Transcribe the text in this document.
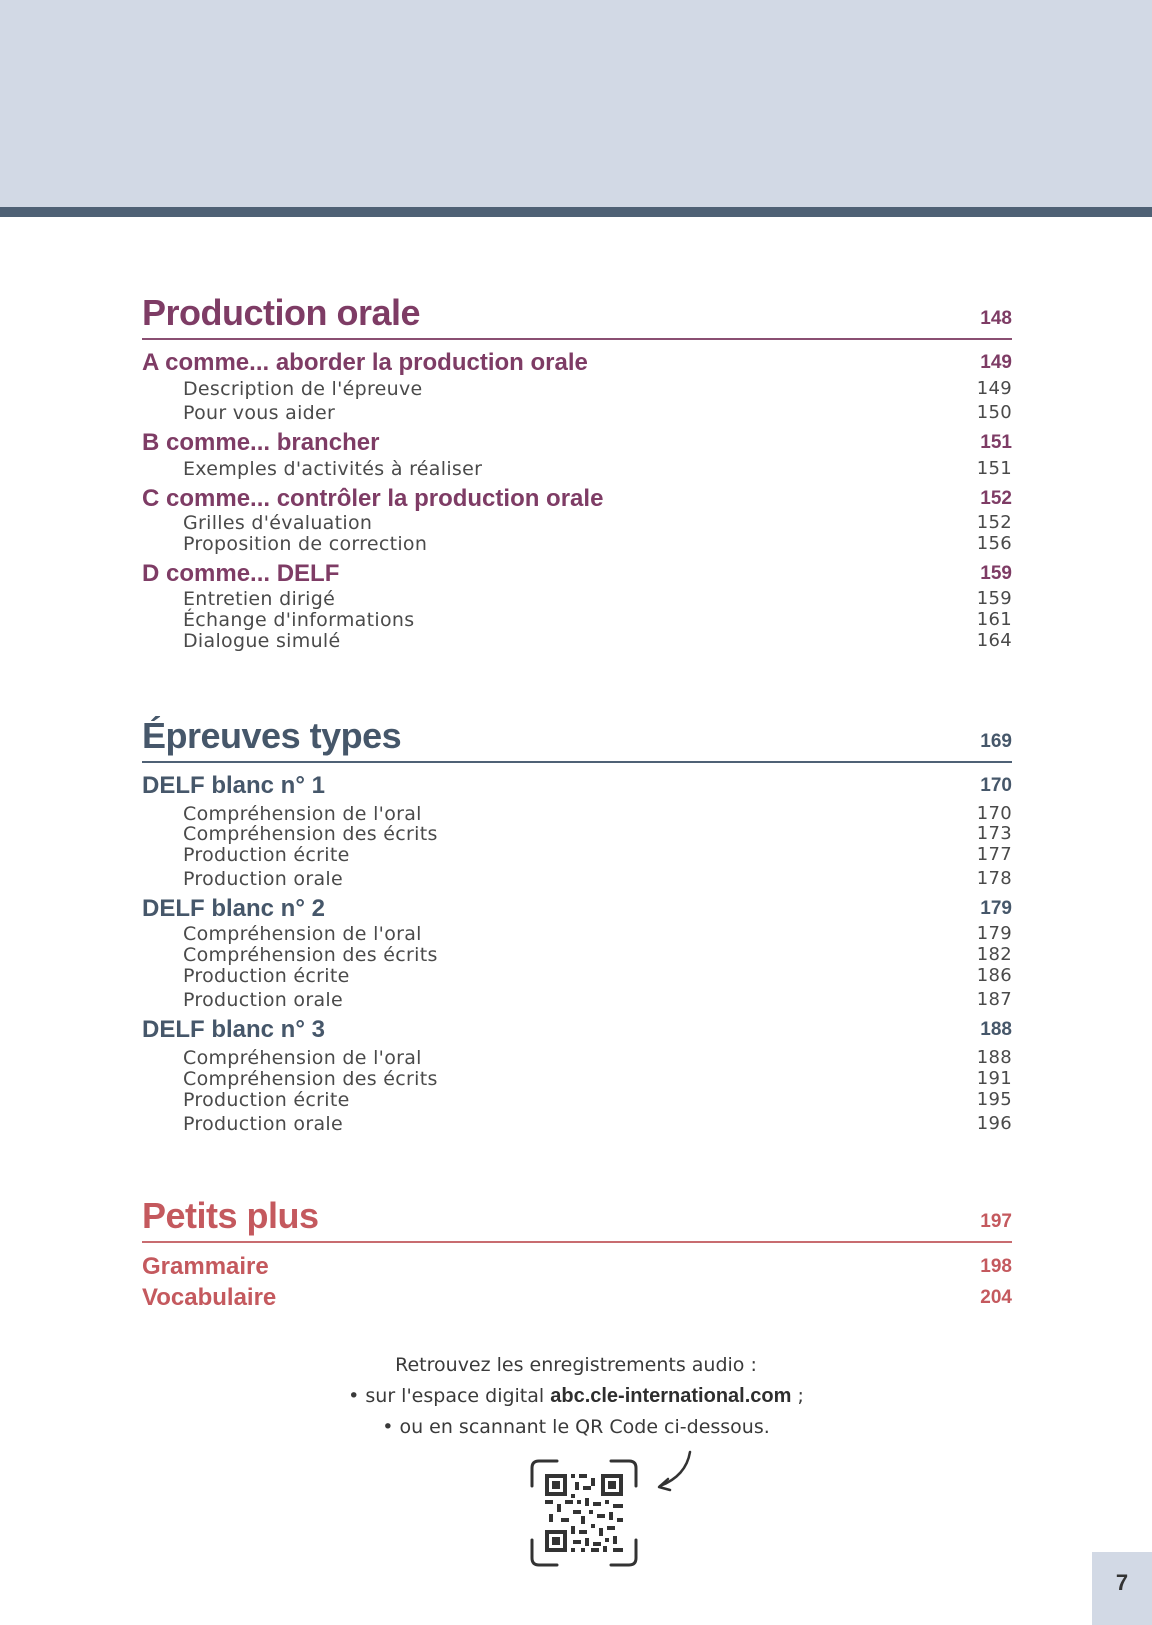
Production orale	148
A comme... aborder la production orale	149
Description de l'épreuve	149
Pour vous aider	150
B comme... brancher	151
Exemples d'activités à réaliser	151
C comme... contrôler la production orale	152
Grilles d'évaluation	152
Proposition de correction	156
D comme... DELF	159
Entretien dirigé	159
Échange d'informations	161
Dialogue simulé	164
Épreuves types	169
DELF blanc n° 1	170
Compréhension de l'oral	170
Compréhension des écrits	173
Production écrite	177
Production orale	178
DELF blanc n° 2	179
Compréhension de l'oral	179
Compréhension des écrits	182
Production écrite	186
Production orale	187
DELF blanc n° 3	188
Compréhension de l'oral	188
Compréhension des écrits	191
Production écrite	195
Production orale	196
Petits plus	197
Grammaire	198
Vocabulaire	204
Retrouvez les enregistrements audio :
• sur l'espace digital abc.cle-international.com ;
• ou en scannant le QR Code ci-dessous.
7
